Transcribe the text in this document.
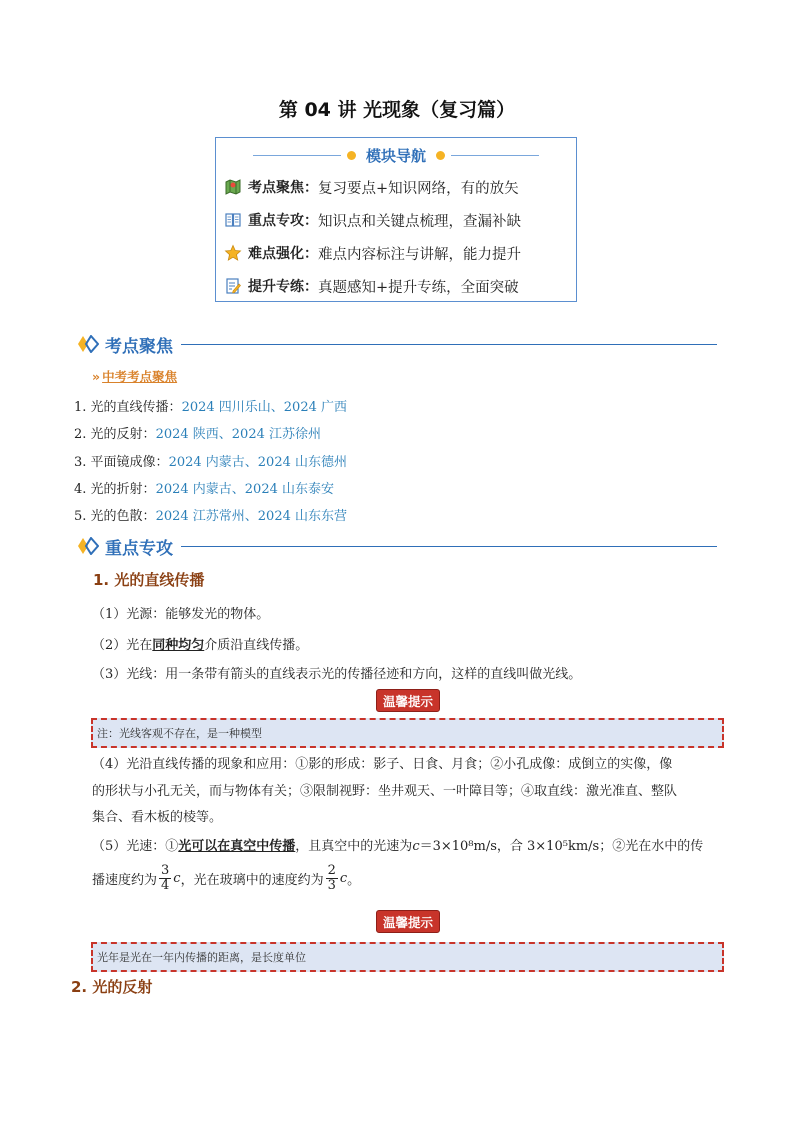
第 04 讲 光现象（复习篇）
模块导航
考点聚焦： 复习要点+知识网络，有的放矢
重点专攻： 知识点和关键点梳理，查漏补缺
难点强化： 难点内容标注与讲解，能力提升
提升专练： 真题感知+提升专练，全面突破
考点聚焦
» 中考考点聚焦
1. 光的直线传播：2024 四川乐山、2024 广西
2. 光的反射：2024 陕西、2024 江苏徐州
3. 平面镜成像：2024 内蒙古、2024 山东德州
4. 光的折射：2024 内蒙古、2024 山东泰安
5. 光的色散：2024 江苏常州、2024 山东东营
重点专攻
1. 光的直线传播
（1）光源：能够发光的物体。
（2）光在同种均匀介质沿直线传播。
（3）光线：用一条带有箭头的直线表示光的传播径迹和方向，这样的直线叫做光线。
温馨提示
注：光线客观不存在，是一种模型
（4）光沿直线传播的现象和应用：①影的形成：影子、日食、月食；②小孔成像：成倒立的实像，像
的形状与小孔无关，而与物体有关；③限制视野：坐井观天、一叶障目等；④取直线：激光准直、整队
集合、看木板的棱等。
（5）光速：①光可以在真空中传播，且真空中的光速为c＝3×10⁸m/s，合 3×10⁵km/s；②光在水中的传
播速度约为 $\frac{3}{4}$ c ，光在玻璃中的速度约为 $\frac{2}{3}$ c 。
温馨提示
光年是光在一年内传播的距离，是长度单位
2. 光的反射
